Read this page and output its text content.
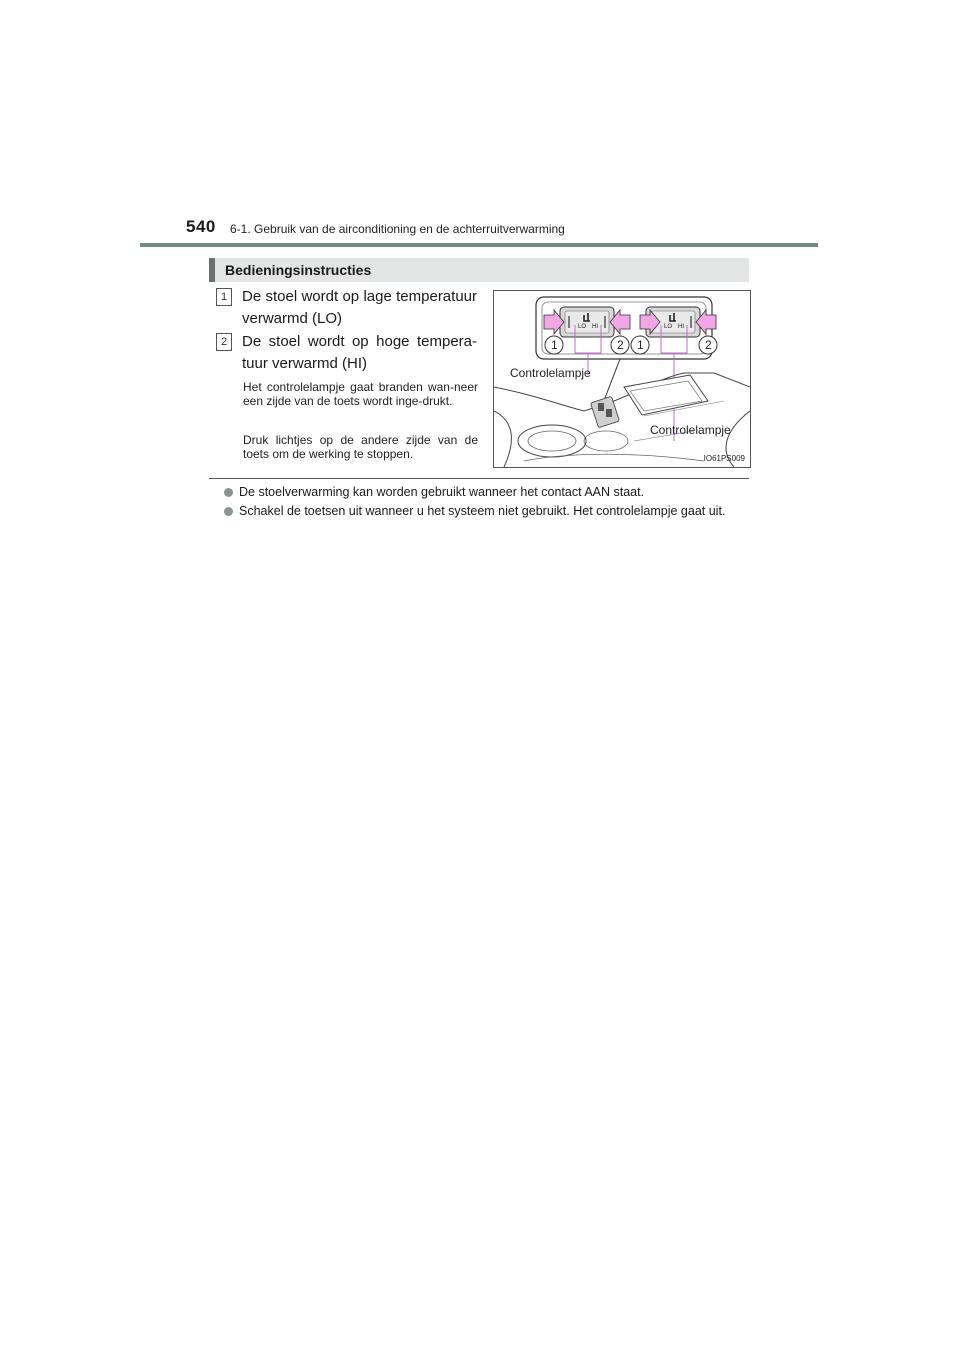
540 6-1. Gebruik van de airconditioning en de achterruitverwarming
Bedieningsinstructies
1 De stoel wordt op lage temperatuur verwarmd (LO)
2 De stoel wordt op hoge tempera-tuur verwarmd (HI)
Het controlelampje gaat branden wan-neer een zijde van de toets wordt inge-drukt.
Druk lichtjes op de andere zijde van de toets om de werking te stoppen.
1	2 1	2
LO HI	LO HI
Controlelampje
Controlelampje
IO61PS009
De stoelverwarming kan worden gebruikt wanneer het contact AAN staat.
Schakel de toetsen uit wanneer u het systeem niet gebruikt. Het controlelampje gaat uit.
